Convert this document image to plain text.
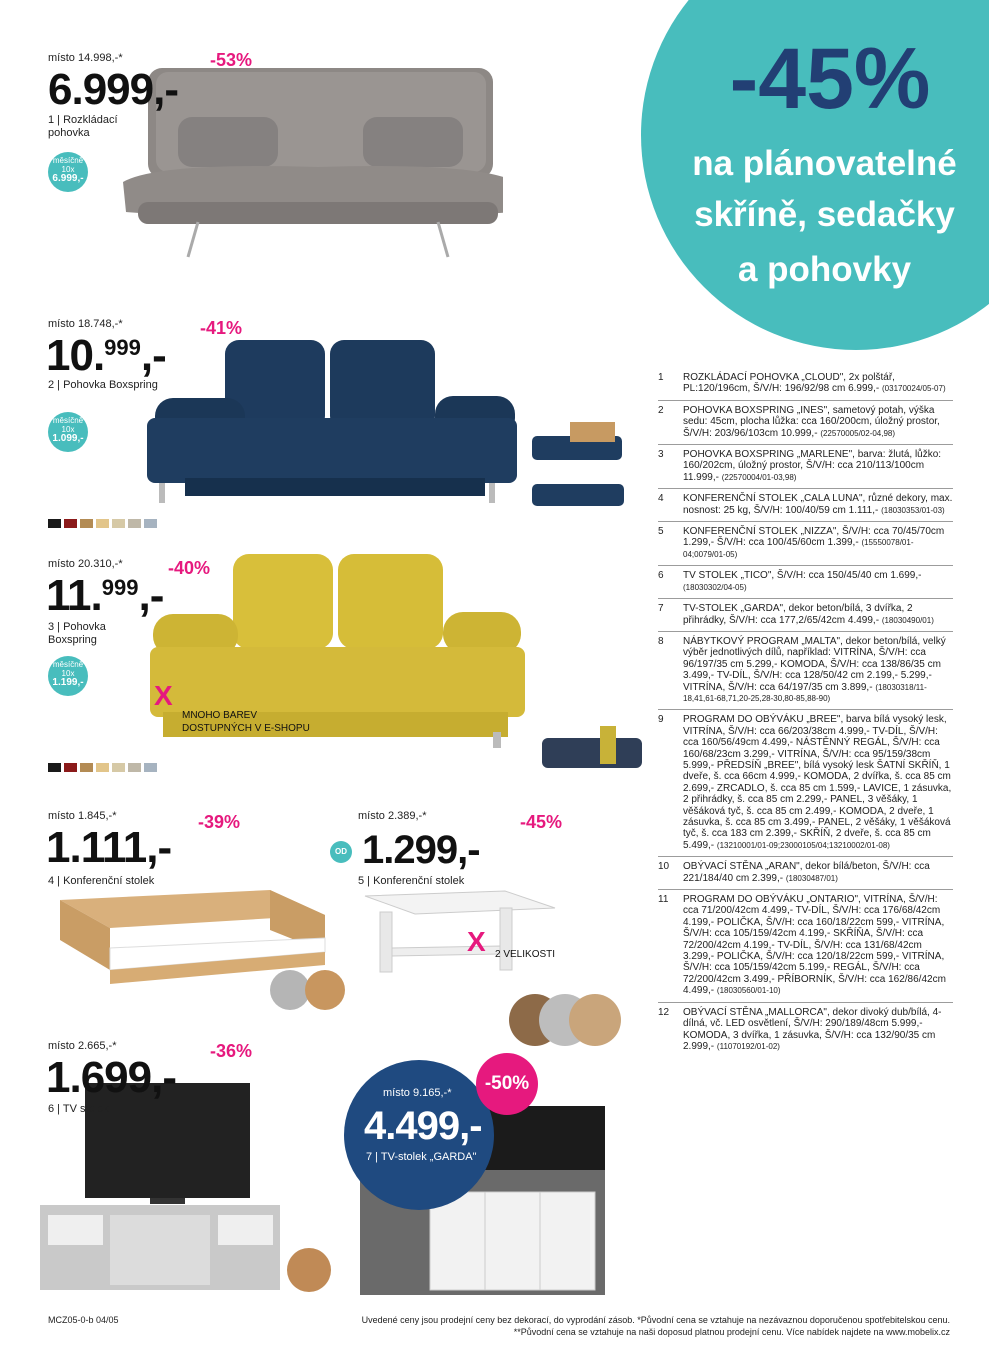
-45%
na plánovatelné
skříně, sedačky
a pohovky
místo 14.998,-*
6.999,-
-53%
1 | Rozkládací
pohovka
měsíčně
10x
6.999,-
místo 18.748,-*
10.$^{999}$,-
-41%
2 | Pohovka Boxspring
měsíčně
10x
1.099,-
místo 20.310,-*
11.$^{999}$,-
-40%
3 | Pohovka
Boxspring
měsíčně
10x
1.199,-	X
MNOHO BAREV
DOSTUPNÝCH V E-SHOPU
místo 1.845,-*
1.111,-
-39%
4 | Konferenční stolek
místo 2.389,-*
OD 1.299,-
-45%
5 | Konferenční stolek
X 2 VELIKOSTI
místo 2.665,-*
1.699,-
-36%
6 | TV stolek
místo 9.165,-*
4.499,-
7 | TV-stolek „GARDA"
-50%
1	ROZKLÁDACÍ POHOVKA „CLOUD", 2x polštář, PL:120/196cm, Š/V/H: 196/92/98 cm 6.999,- (03170024/05-07)
2	POHOVKA BOXSPRING „INES", sametový potah, výška sedu: 45cm, plocha lůžka: cca 160/200cm, úložný prostor, Š/V/H: 203/96/103cm 10.999,- (22570005/02-04,98)
3	POHOVKA BOXSPRING „MARLENE", barva: žlutá, lůžko: 160/202cm, úložný prostor, Š/V/H: cca 210/113/100cm 11.999,- (22570004/01-03,98)
4	KONFERENČNÍ STOLEK „CALA LUNA", různé dekory, max. nosnost: 25 kg, Š/V/H: 100/40/59 cm 1.111,- (18030353/01-03)
5	KONFERENČNÍ STOLEK „NIZZA", Š/V/H: cca 70/45/70cm 1.299,- Š/V/H: cca 100/45/60cm 1.399,- (15550078/01-04;0079/01-05)
6	TV STOLEK „TICO", Š/V/H: cca 150/45/40 cm 1.699,- (18030302/04-05)
7	TV-STOLEK „GARDA", dekor beton/bílá, 3 dvířka, 2 přihrádky, Š/V/H: cca 177,2/65/42cm 4.499,- (18030490/01)
8	NÁBYTKOVÝ PROGRAM „MALTA", dekor beton/bílá, velký výběr jednotlivých dílů, například: VITRÍNA, Š/V/H: cca 96/197/35 cm 5.299,- KOMODA, Š/V/H: cca 138/86/35 cm 3.499,- TV-DÍL, Š/V/H: cca 128/50/42 cm 2.199,- 5.299,- VITRÍNA, Š/V/H: cca 64/197/35 cm 3.899,- (18030318/11-18,41,61-68,71,20-25,28-30,80-85,88-90)
9	PROGRAM DO OBÝVÁKU „BREE", barva bílá vysoký lesk, VITRÍNA, Š/V/H: cca 66/203/38cm 4.999,- TV-DÍL, Š/V/H: cca 160/56/49cm 4.499,- NÁSTĚNNÝ REGÁL, Š/V/H: cca 160/68/23cm 3.299,- VITRÍNA, Š/V/H: cca 95/159/38cm 5.999,- PŘEDSÍŇ „BREE", bílá vysoký lesk ŠATNÍ SKŘÍŇ, 1 dveře, š. cca 66cm 4.999,- KOMODA, 2 dvířka, š. cca 85 cm 2.699,- ZRCADLO, š. cca 85 cm 1.599,- LAVICE, 1 zásuvka, 2 přihrádky, š. cca 85 cm 2.299,- PANEL, 3 věšáky, 1 věšáková tyč, š. cca 85 cm 2.499,- KOMODA, 2 dveře, 1 zásuvka, š. cca 85 cm 3.499,- PANEL, 2 věšáky, 1 věšáková tyč, š. cca 183 cm 2.399,- SKŘÍŇ, 2 dveře, š. cca 85 cm 5.499,- (13210001/01-09;23000105/04;13210002/01-08)
10	OBÝVACÍ STĚNA „ARAN", dekor bílá/beton, Š/V/H: cca 221/184/40 cm 2.399,- (18030487/01)
11	PROGRAM DO OBÝVÁKU „ONTARIO", VITRÍNA, Š/V/H: cca 71/200/42cm 4.499,- TV-DÍL, Š/V/H: cca 176/68/42cm 4.199,- POLIČKA, Š/V/H: cca 160/18/22cm 599,- VITRÍNA, Š/V/H: cca 105/159/42cm 4.199,- SKŘÍŇA, Š/V/H: cca 72/200/42cm 4.199,- TV-DÍL, Š/V/H: cca 131/68/42cm 3.299,- POLIČKA, Š/V/H: cca 120/18/22cm 599,- VITRÍNA, Š/V/H: cca 105/159/42cm 5.199,- REGÁL, Š/V/H: cca 72/200/42cm 3.499,- PŘÍBORNÍK, Š/V/H: cca 162/86/42cm 4.499,- (18030560/01-10)
12	OBÝVACÍ STĚNA „MALLORCA", dekor divoký dub/bílá, 4-dílná, vč. LED osvětlení, Š/V/H: 290/189/48cm 5.999,- KOMODA, 3 dvířka, 1 zásuvka, Š/V/H: cca 132/90/35 cm 2.999,- (11070192/01-02)
MCZ05-0-b 04/05	Uvedené ceny jsou prodejní ceny bez dekorací, do vyprodání zásob. *Původní cena se vztahuje na nezávaznou doporučenou spotřebitelskou cenu.
**Původní cena se vztahuje na naši doposud platnou prodejní cenu. Více nabídek najdete na www.mobelix.cz
